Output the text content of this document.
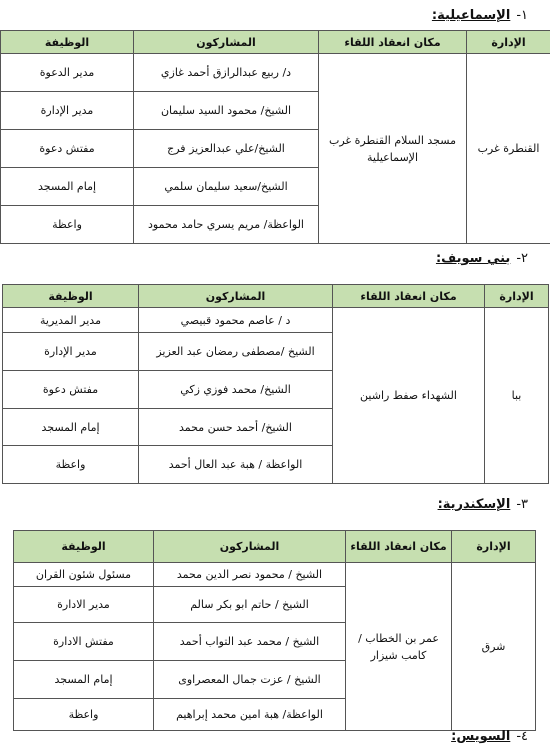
١-الإسماعيلية:
الإدارة	مكان انعقاد اللقاء	المشاركون	الوظيفة
القنطرة غرب	مسجد السلام القنطرة غرب الإسماعيلية	د/ ربيع عبدالرازق أحمد غازي	مدير الدعوة
		الشيخ/ محمود السيد سليمان	مدير الإدارة
		الشيخ/علي عبدالعزيز فرج	مفتش دعوة
		الشيخ/سعيد سليمان سلمي	إمام المسجد
		الواعظة/ مريم يسري حامد محمود	واعظة
٢-بني سويف:
الإدارة	مكان انعقاد اللقاء	المشاركون	الوظيفة
ببا	الشهداء صفط راشين	د / عاصم محمود قبيصي	مدير المديرية
		الشيخ /مصطفى رمضان عبد العزيز	مدير الإدارة
		الشيخ/ محمد فوزي زكي	مفتش دعوة
		الشيخ/ أحمد حسن محمد	إمام المسجد
		الواعظة / هبة عبد العال أحمد	واعظة
٣-الإسكندرية:
الإدارة	مكان انعقاد اللقاء	المشاركون	الوظيفة
شرق	عمر بن الخطاب / كامب شيزار	الشيخ / محمود نصر الدين محمد	مسئول شئون القران
		الشيخ / حاتم ابو بكر سالم	مدير الادارة
		الشيخ / محمد عبد التواب أحمد	مفتش الادارة
		الشيخ / عزت جمال المعصراوى	إمام المسجد
		الواعظة/ هبة امين محمد إبراهيم	واعظة
٤-السويس:
